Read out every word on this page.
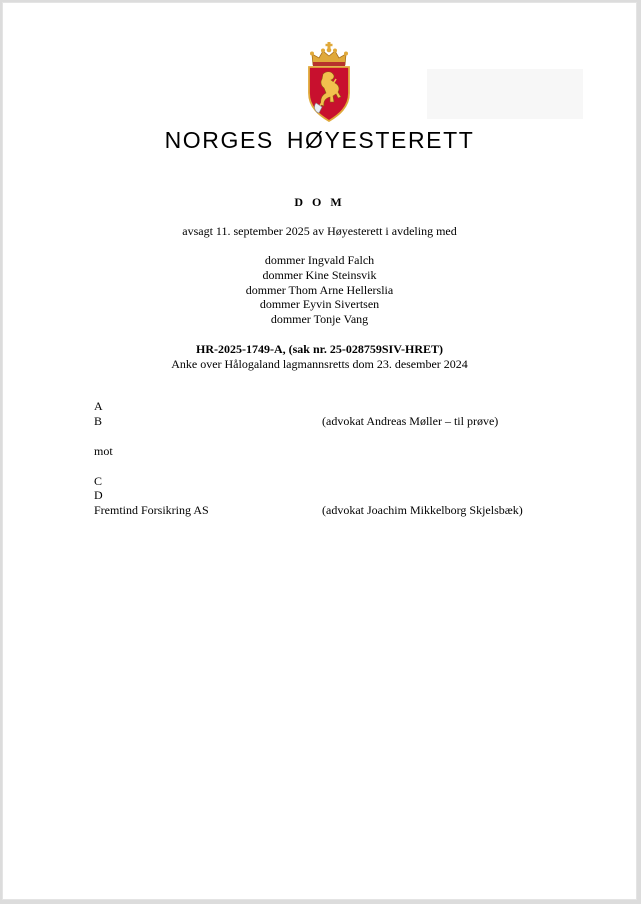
NORGES HØYESTERETT
D O M
avsagt 11. september 2025 av Høyesterett i avdeling med
dommer Ingvald Falch
dommer Kine Steinsvik
dommer Thom Arne Hellerslia
dommer Eyvin Sivertsen
dommer Tonje Vang
HR-2025-1749-A, (sak nr. 25-028759SIV-HRET)
Anke over Hålogaland lagmannsretts dom 23. desember 2024
A
B	(advokat Andreas Møller – til prøve)
mot
C
D
Fremtind Forsikring AS	(advokat Joachim Mikkelborg Skjelsbæk)
